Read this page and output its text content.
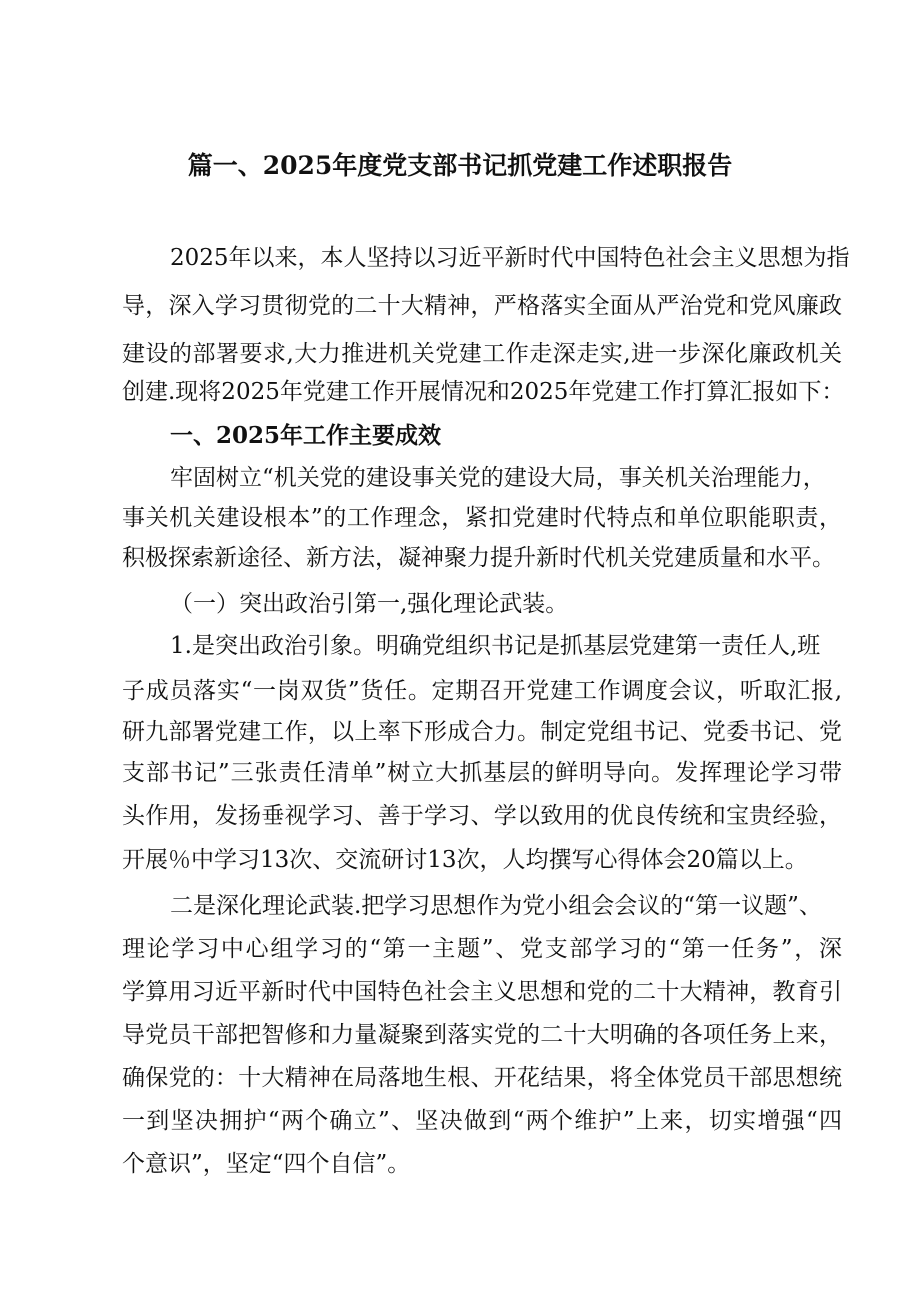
篇一、2025年度党支部书记抓党建工作述职报告
2025年以来，本人坚持以习近平新时代中国特色社会主义思想为指
导，深入学习贯彻党的二十大精神，严格落实全面从严治党和党风廉政
建设的部署要求,大力推进机关党建工作走深走实,进一步深化廉政机关
创建.现将2025年党建工作开展情况和2025年党建工作打算汇报如下：
一、2025年工作主要成效
牢固树立“机关党的建设事关党的建设大局，事关机关治理能力，
事关机关建设根本”的工作理念，紧扣党建时代特点和单位职能职责，
积极探索新途径、新方法，凝神聚力提升新时代机关党建质量和水平。
（一）突出政治引第一,强化理论武装。
1.是突出政治引象。明确党组织书记是抓基层党建第一责任人,班
子成员落实“一岗双货”货任。定期召开党建工作调度会议，听取汇报,
研九部署党建工作，以上率下形成合力。制定党组书记、党委书记、党
支部书记”三张责任清单”树立大抓基层的鲜明导向。发挥理论学习带
头作用，发扬垂视学习、善于学习、学以致用的优良传统和宝贵经验，
开展％中学习13次、交流研讨13次，人均撰写心得体会20篇以上。
二是深化理论武装.把学习思想作为党小组会会议的“第一议题”、
理论学习中心组学习的“第一主题”、党支部学习的“第一任务”，深
学算用习近平新时代中国特色社会主义思想和党的二十大精神，教育引
导党员干部把智修和力量凝聚到落实党的二十大明确的各项任务上来，
确保党的：十大精神在局落地生根、开花结果，将全体党员干部思想统
一到坚决拥护“两个确立”、坚决做到“两个维护”上来，切实增强“四
个意识”，坚定“四个自信”。
